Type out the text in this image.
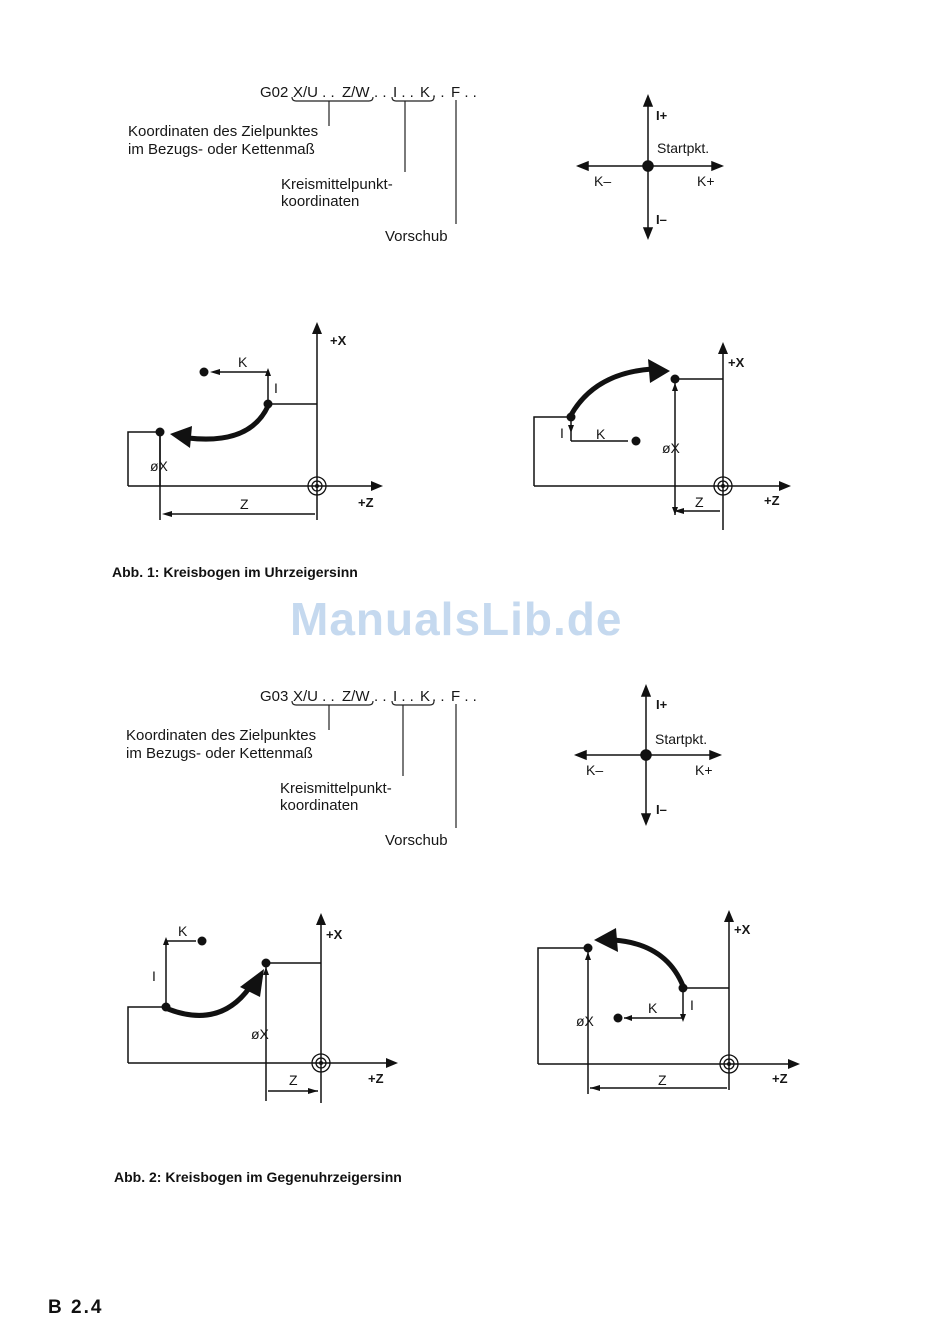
G02 X/U . . Z/W . . I . . K . . F . .
Koordinaten des Zielpunktes
im Bezugs- oder Kettenmaß
Kreismittelpunkt-
koordinaten
Vorschub
I+
I–
K–	K+
Startpkt.
+X
+Z
K
I
øX
Z
+X
+Z
K
I
øX
Z
Abb. 1: Kreisbogen im Uhrzeigersinn
ManualsLib.de
G03 X/U . . Z/W . . I . . K . . F . .
Koordinaten des Zielpunktes
im Bezugs- oder Kettenmaß
Kreismittelpunkt-
koordinaten
Vorschub
I+
I–
K–	K+
Startpkt.
+X
+Z
K
I
øX
Z
+X
+Z
K I
øX
Z
Abb. 2: Kreisbogen im Gegenuhrzeigersinn
B 2.4
